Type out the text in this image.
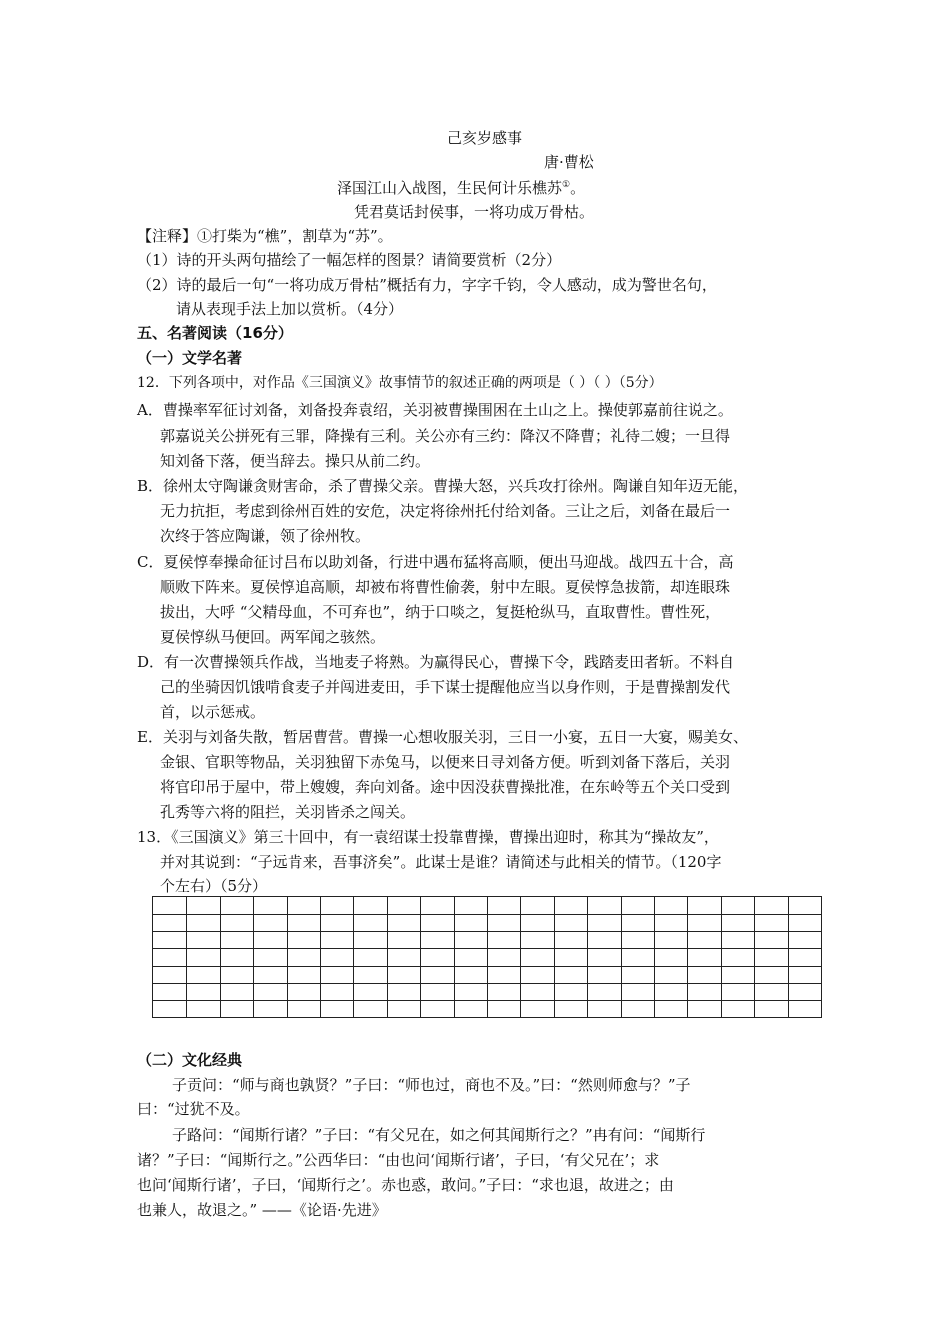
己亥岁感事
唐·曹松
泽国江山入战图，生民何计乐樵苏①。
凭君莫话封侯事，一将功成万骨枯。
【注释】①打柴为“樵”，割草为“苏”。
（1）诗的开头两句描绘了一幅怎样的图景？请简要赏析（2分）
（2）诗的最后一句“一将功成万骨枯”概括有力，字字千钧，令人感动，成为警世名句，
请从表现手法上加以赏析。（4分）
五、名著阅读（16分）
（一）文学名著
12．下列各项中，对作品《三国演义》故事情节的叙述正确的两项是（ ）（ ）（5分）
A．曹操率军征讨刘备，刘备投奔袁绍，关羽被曹操围困在土山之上。操使郭嘉前往说之。
郭嘉说关公拼死有三罪，降操有三利。关公亦有三约：降汉不降曹；礼待二嫂；一旦得
知刘备下落，便当辞去。操只从前二约。
B．徐州太守陶谦贪财害命，杀了曹操父亲。曹操大怒，兴兵攻打徐州。陶谦自知年迈无能，
无力抗拒，考虑到徐州百姓的安危，决定将徐州托付给刘备。三让之后，刘备在最后一
次终于答应陶谦，领了徐州牧。
C．夏侯惇奉操命征讨吕布以助刘备，行进中遇布猛将高顺，便出马迎战。战四五十合，高
顺败下阵来。夏侯惇追高顺，却被布将曹性偷袭，射中左眼。夏侯惇急拔箭，却连眼珠
拔出，大呼 “父精母血，不可弃也”，纳于口啖之，复挺枪纵马，直取曹性。曹性死，
夏侯惇纵马便回。两军闻之骇然。
D．有一次曹操领兵作战，当地麦子将熟。为赢得民心，曹操下令，践踏麦田者斩。不料自
己的坐骑因饥饿啃食麦子并闯进麦田，手下谋士提醒他应当以身作则，于是曹操割发代
首，以示惩戒。
E．关羽与刘备失散，暂居曹营。曹操一心想收服关羽，三日一小宴，五日一大宴，赐美女、
金银、官职等物品，关羽独留下赤兔马，以便来日寻刘备方便。听到刘备下落后，关羽
将官印吊于屋中，带上嫂嫂，奔向刘备。途中因没获曹操批准，在东岭等五个关口受到
孔秀等六将的阻拦，关羽皆杀之闯关。
13．《三国演义》第三十回中，有一袁绍谋士投靠曹操，曹操出迎时，称其为“操故友”，
并对其说到：“子远肯来，吾事济矣”。此谋士是谁？请简述与此相关的情节。（120字
个左右）（5分）
（二）文化经典
子贡问：“师与商也孰贤？”子曰：“师也过，商也不及。”曰：“然则师愈与？”子
曰：“过犹不及。
子路问：“闻斯行诸？”子曰：“有父兄在，如之何其闻斯行之？”冉有问：“闻斯行
诸？”子曰：“闻斯行之。”公西华曰：“由也问‘闻斯行诸’，子曰，‘有父兄在’；求
也问‘闻斯行诸’，子曰，‘闻斯行之’。赤也惑，敢问。”子曰：“求也退，故进之；由
也兼人，故退之。” ——《论语·先进》
